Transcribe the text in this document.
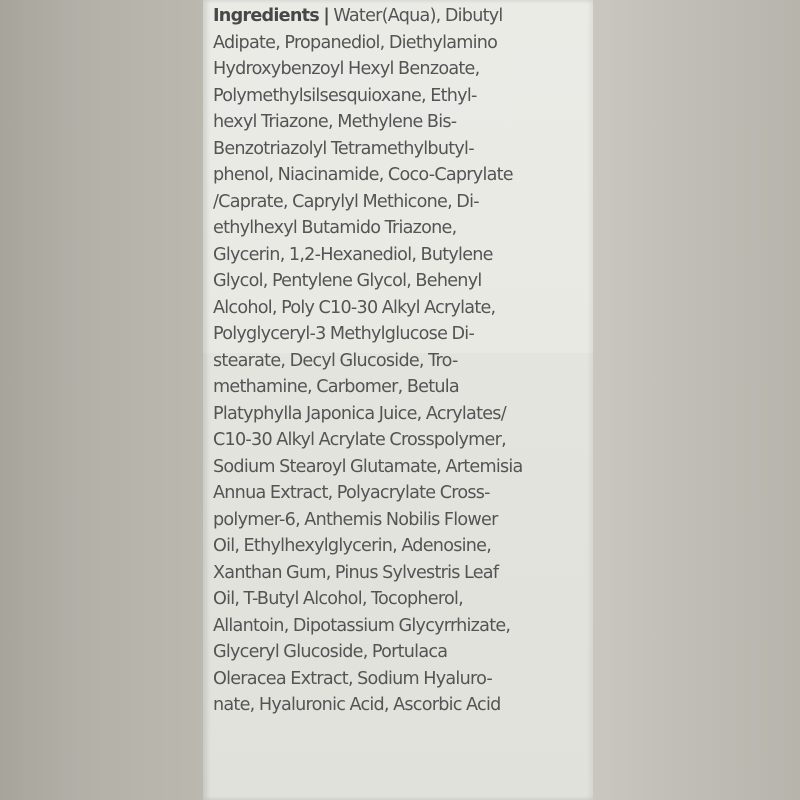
Ingredients | Water(Aqua), Dibutyl
Adipate, Propanediol, Diethylamino
Hydroxybenzoyl Hexyl Benzoate,
Polymethylsilsesquioxane, Ethyl-
hexyl Triazone, Methylene Bis-
Benzotriazolyl Tetramethylbutyl-
phenol, Niacinamide, Coco-Caprylate
/Caprate, Caprylyl Methicone, Di-
ethylhexyl Butamido Triazone,
Glycerin, 1,2-Hexanediol, Butylene
Glycol, Pentylene Glycol, Behenyl
Alcohol, Poly C10-30 Alkyl Acrylate,
Polyglyceryl-3 Methylglucose Di-
stearate, Decyl Glucoside, Tro-
methamine, Carbomer, Betula
Platyphylla Japonica Juice, Acrylates/
C10-30 Alkyl Acrylate Crosspolymer,
Sodium Stearoyl Glutamate, Artemisia
Annua Extract, Polyacrylate Cross-
polymer-6, Anthemis Nobilis Flower
Oil, Ethylhexylglycerin, Adenosine,
Xanthan Gum, Pinus Sylvestris Leaf
Oil, T-Butyl Alcohol, Tocopherol,
Allantoin, Dipotassium Glycyrrhizate,
Glyceryl Glucoside, Portulaca
Oleracea Extract, Sodium Hyaluro-
nate, Hyaluronic Acid, Ascorbic Acid
